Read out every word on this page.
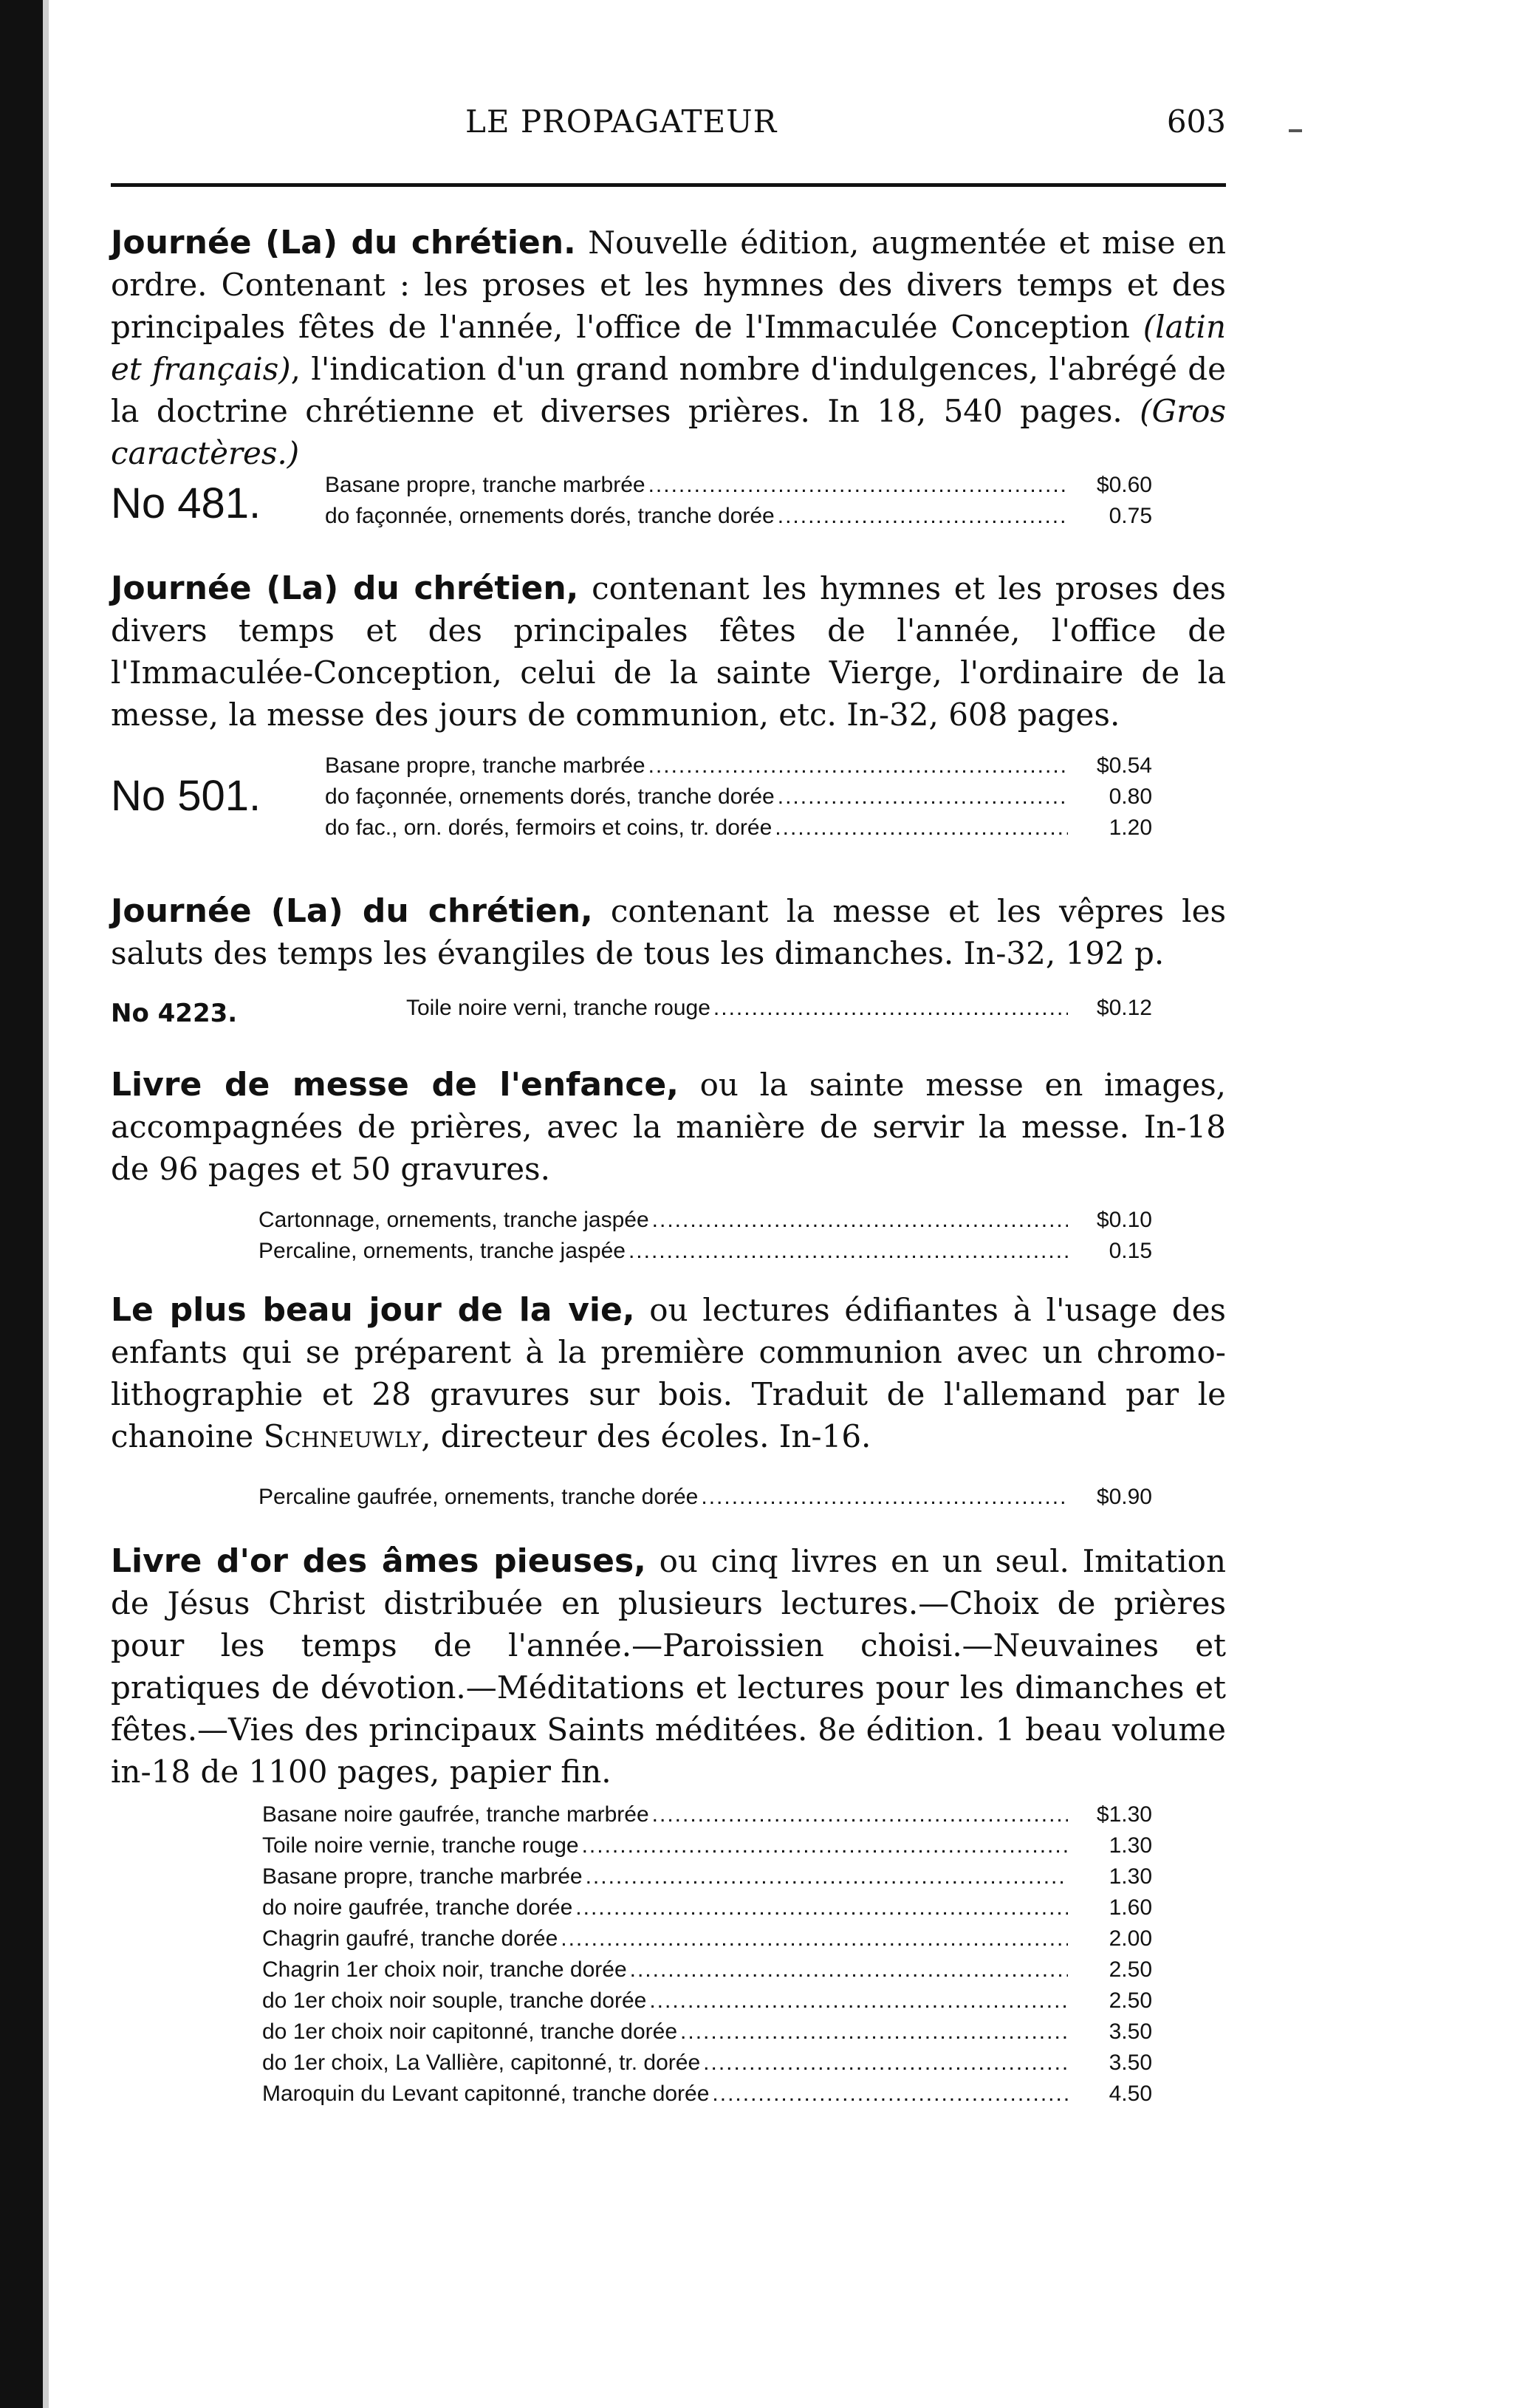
LE PROPAGATEUR	603
Journée (La) du chrétien. Nouvelle édition, augmentée et mise en ordre. Contenant : les proses et les hymnes des divers temps et des principales fêtes de l'année, l'office de l'Immaculée Conception (latin et français), l'indication d'un grand nombre d'indulgences, l'abrégé de la doctrine chrétienne et diverses prières. In 18, 540 pages. (Gros caractères.)
No 481.	Basane propre, tranche marbrée .....	$0.60
do façonnée, ornements dorés, tranche dorée .....	0.75
Journée (La) du chrétien, contenant les hymnes et les proses des divers temps et des principales fêtes de l'année, l'office de l'Immaculée-Conception, celui de la sainte Vierge, l'ordinaire de la messe, la messe des jours de communion, etc. In-32, 608 pages.
No 501.
Basane propre, tranche marbrée .....	$0.54
do façonnée, ornements dorés, tranche dorée .....	0.80
do fac., orn. dorés, fermoirs et coins, tr. dorée .....	1.20
Journée (La) du chrétien, contenant la messe et les vêpres les saluts des temps les évangiles de tous les dimanches. In-32, 192 p.
No 4223.	Toile noire verni, tranche rouge .....	$0.12
Livre de messe de l'enfance, ou la sainte messe en images, accompagnées de prières, avec la manière de servir la messe. In-18 de 96 pages et 50 gravures.
Cartonnage, ornements, tranche jaspée .....	$0.10
Percaline, ornements, tranche jaspée .....	0.15
Le plus beau jour de la vie, ou lectures édifiantes à l'usage des enfants qui se préparent à la première communion avec un chromo-lithographie et 28 gravures sur bois. Traduit de l'allemand par le chanoine Schneuwly, directeur des écoles. In-16.
Percaline gaufrée, ornements, tranche dorée .....	$0.90
Livre d'or des âmes pieuses, ou cinq livres en un seul. Imitation de Jésus Christ distribuée en plusieurs lectures.—Choix de prières pour les temps de l'année.—Paroissien choisi.—Neuvaines et pratiques de dévotion.—Méditations et lectures pour les dimanches et fêtes.—Vies des principaux Saints méditées. 8e édition. 1 beau volume in-18 de 1100 pages, papier fin.
Basane noire gaufrée, tranche marbrée .....	$1.30
Toile noire vernie, tranche rouge .....	1.30
Basane propre, tranche marbrée .....	1.30
do noire gaufrée, tranche dorée .....	1.60
Chagrin gaufré, tranche dorée .....	2.00
Chagrin 1er choix noir, tranche dorée .....	2.50
do 1er choix noir souple, tranche dorée .....	2.50
do 1er choix noir capitonné, tranche dorée .....	3.50
do 1er choix, La Vallière, capitonné, tr. dorée .....	3.50
Maroquin du Levant capitonné, tranche dorée .....	4.50
